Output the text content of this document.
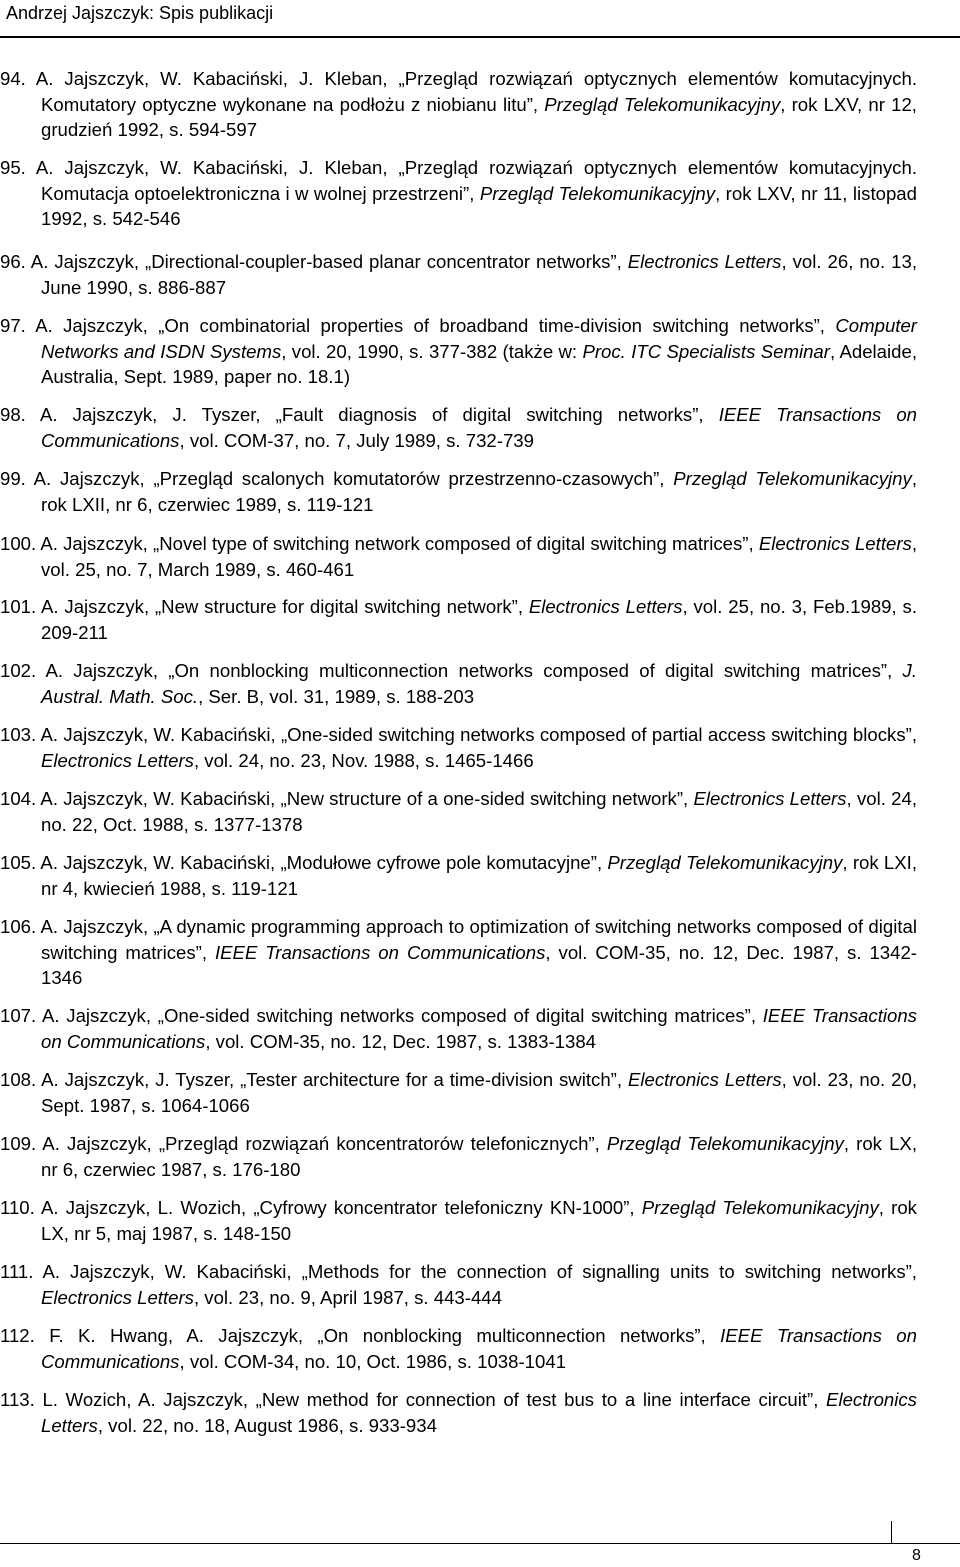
Andrzej Jajszczyk: Spis publikacji
94. A. Jajszczyk, W. Kabaciński, J. Kleban, „Przegląd rozwiązań optycznych elementów komutacyjnych. Komutatory optyczne wykonane na podłożu z niobianu litu”, Przegląd Telekomunikacyjny, rok LXV, nr 12, grudzień 1992, s. 594-597
95. A. Jajszczyk, W. Kabaciński, J. Kleban, „Przegląd rozwiązań optycznych elementów komutacyjnych. Komutacja optoelektroniczna i w wolnej przestrzeni”, Przegląd Telekomunikacyjny, rok LXV, nr 11, listopad 1992, s. 542-546
96. A. Jajszczyk, „Directional-coupler-based planar concentrator networks”, Electronics Letters, vol. 26, no. 13, June 1990, s. 886-887
97. A. Jajszczyk, „On combinatorial properties of broadband time-division switching networks”, Computer Networks and ISDN Systems, vol. 20, 1990, s. 377-382 (także w: Proc. ITC Specialists Seminar, Adelaide, Australia, Sept. 1989, paper no. 18.1)
98. A. Jajszczyk, J. Tyszer, „Fault diagnosis of digital switching networks”, IEEE Transactions on Communications, vol. COM-37, no. 7, July 1989, s. 732-739
99. A. Jajszczyk, „Przegląd scalonych komutatorów przestrzenno-czasowych”, Przegląd Telekomunikacyjny, rok LXII, nr 6, czerwiec 1989, s. 119-121
100. A. Jajszczyk, „Novel type of switching network composed of digital switching matrices”, Electronics Letters, vol. 25, no. 7, March 1989, s. 460-461
101. A. Jajszczyk, „New structure for digital switching network”, Electronics Letters, vol. 25, no. 3, Feb.1989, s. 209-211
102. A. Jajszczyk, „On nonblocking multiconnection networks composed of digital switching matrices”, J. Austral. Math. Soc., Ser. B, vol. 31, 1989, s. 188-203
103. A. Jajszczyk, W. Kabaciński, „One-sided switching networks composed of partial access switching blocks”, Electronics Letters, vol. 24, no. 23, Nov. 1988, s. 1465-1466
104. A. Jajszczyk, W. Kabaciński, „New structure of a one-sided switching network”, Electronics Letters, vol. 24, no. 22, Oct. 1988, s. 1377-1378
105. A. Jajszczyk, W. Kabaciński, „Modułowe cyfrowe pole komutacyjne”, Przegląd Telekomunikacyjny, rok LXI, nr 4, kwiecień 1988, s. 119-121
106. A. Jajszczyk, „A dynamic programming approach to optimization of switching networks composed of digital switching matrices”, IEEE Transactions on Communications, vol. COM-35, no. 12, Dec. 1987, s. 1342-1346
107. A. Jajszczyk, „One-sided switching networks composed of digital switching matrices”, IEEE Transactions on Communications, vol. COM-35, no. 12, Dec. 1987, s. 1383-1384
108. A. Jajszczyk, J. Tyszer, „Tester architecture for a time-division switch”, Electronics Letters, vol. 23, no. 20, Sept. 1987, s. 1064-1066
109. A. Jajszczyk, „Przegląd rozwiązań koncentratorów telefonicznych”, Przegląd Telekomunikacyjny, rok LX, nr 6, czerwiec 1987, s. 176-180
110. A. Jajszczyk, L. Wozich, „Cyfrowy koncentrator telefoniczny KN-1000”, Przegląd Telekomunikacyjny, rok LX, nr 5, maj 1987, s. 148-150
111. A. Jajszczyk, W. Kabaciński, „Methods for the connection of signalling units to switching networks”, Electronics Letters, vol. 23, no. 9, April 1987, s. 443-444
112. F. K. Hwang, A. Jajszczyk, „On nonblocking multiconnection networks”, IEEE Transactions on Communications, vol. COM-34, no. 10, Oct. 1986, s. 1038-1041
113. L. Wozich, A. Jajszczyk, „New method for connection of test bus to a line interface circuit”, Electronics Letters, vol. 22, no. 18, August 1986, s. 933-934
8
